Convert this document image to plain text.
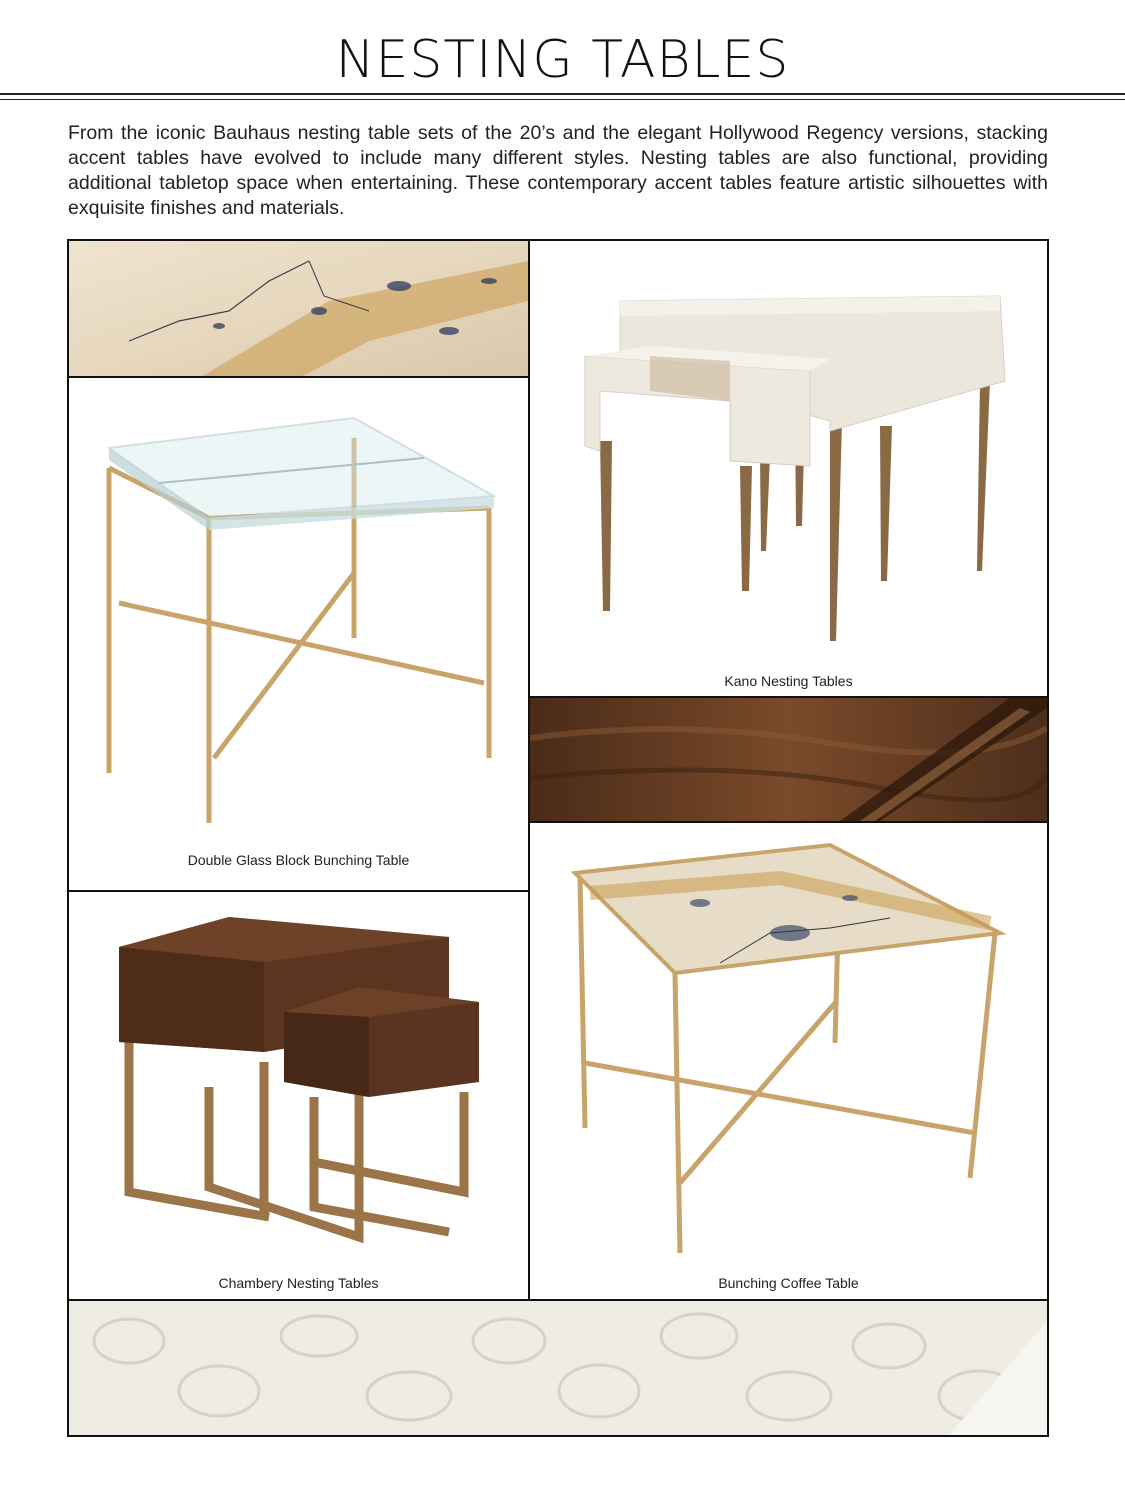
NESTING TABLES
From the iconic Bauhaus nesting table sets of the 20’s and the elegant Hollywood Regency versions, stacking accent tables have evolved to include many different styles. Nesting tables are also functional, providing additional tabletop space when entertaining. These contemporary accent tables feature artistic silhouettes with exquisite finishes and materials.
Double Glass Block Bunching Table
Kano Nesting Tables
Chambery Nesting Tables	Bunching Coffee Table
